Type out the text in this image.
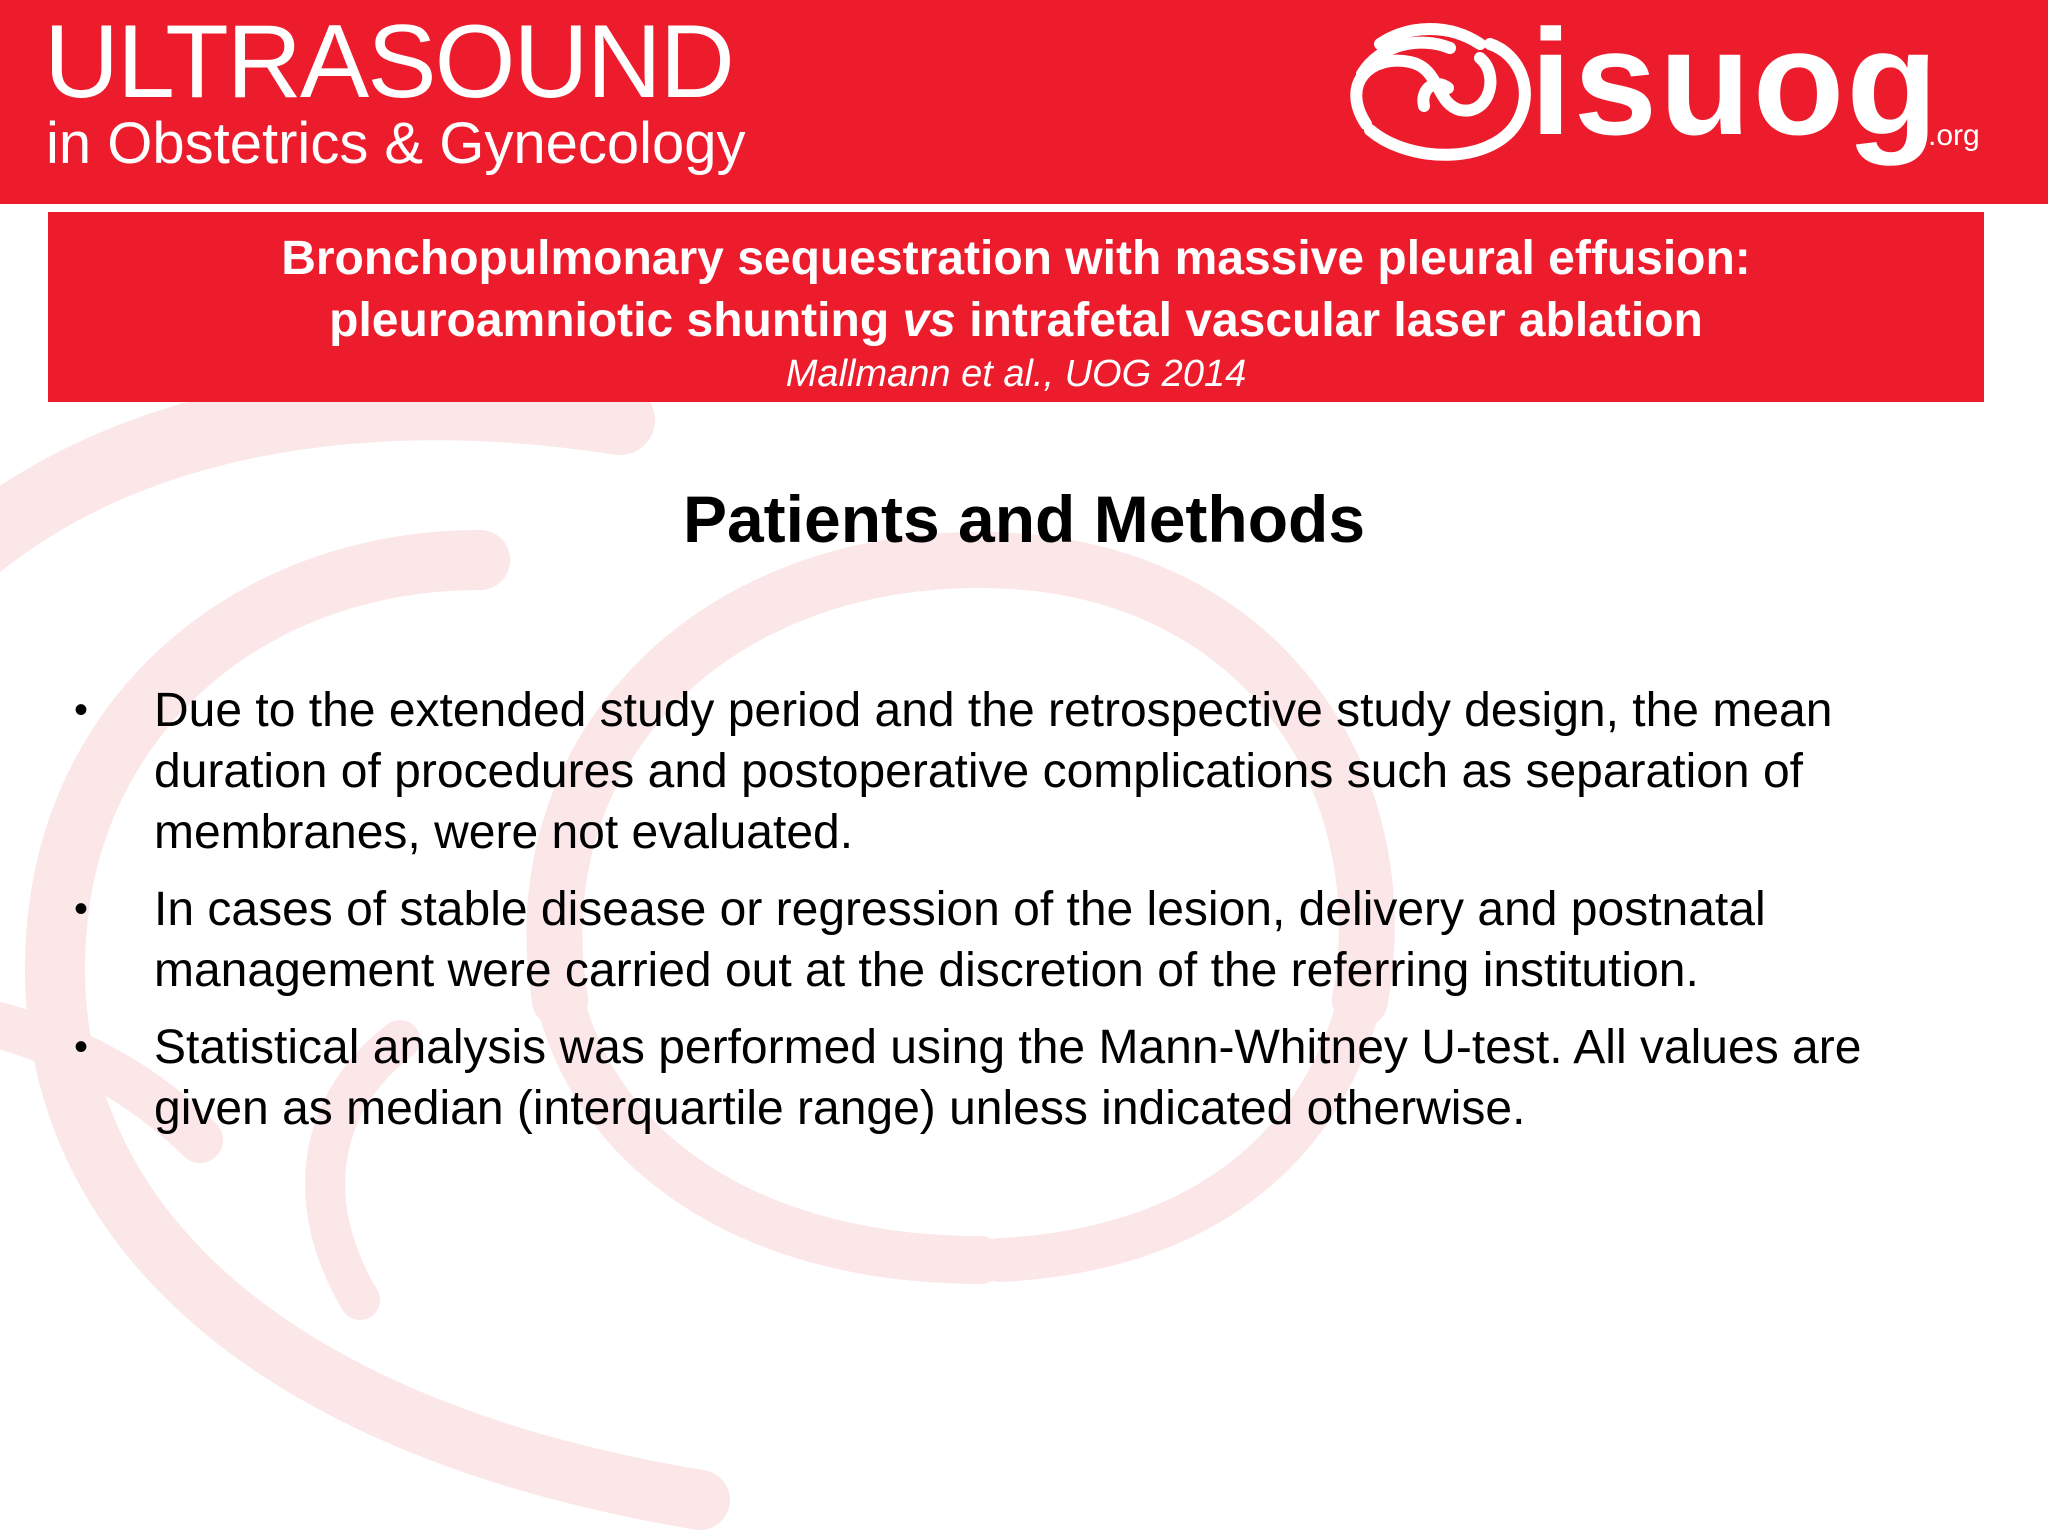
ULTRASOUND
in Obstetrics & Gynecology	isuog
.org
Bronchopulmonary sequestration with massive pleural effusion:
pleuroamniotic shunting vs intrafetal vascular laser ablation
Mallmann et al., UOG 2014
Patients and Methods
• Due to the extended study period and the retrospective study design, the mean duration of procedures and postoperative complications such as separation of membranes, were not evaluated.
• In cases of stable disease or regression of the lesion, delivery and postnatal management were carried out at the discretion of the referring institution.
• Statistical analysis was performed using the Mann-Whitney U-test. All values are given as median (interquartile range) unless indicated otherwise.
